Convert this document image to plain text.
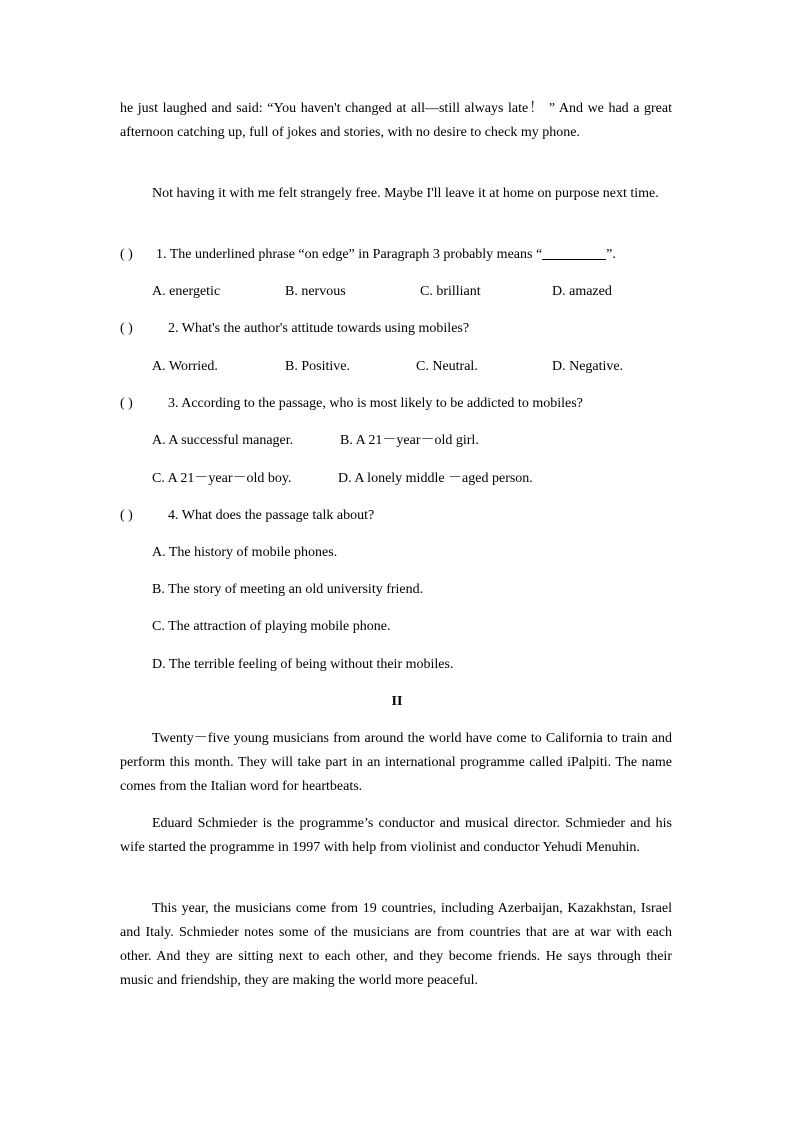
he just laughed and said: “You haven't changed at all—still always late！ ” And we had a great afternoon catching up, full of jokes and stories, with no desire to check my phone.

Not having it with me felt strangely free. Maybe I'll leave it at home on purpose next time.

( ) 1. The underlined phrase “on edge” in Paragraph 3 probably means “	”.
A. energetic	B. nervous	C. brilliant	D. amazed
( )	2. What's the author's attitude towards using mobiles?
A. Worried.	B. Positive.	C. Neutral.	D. Negative.
( )	3. According to the passage, who is most likely to be addicted to mobiles?
A. A successful manager.	B. A 21－year－old girl.
C. A 21－year－old boy.	D. A lonely middle －aged person.
( )	4. What does the passage talk about?
A. The history of mobile phones.
B. The story of meeting an old university friend.
C. The attraction of playing mobile phone.
D. The terrible feeling of being without their mobiles.
II

Twenty－five young musicians from around the world have come to California to train and perform this month. They will take part in an international programme called iPalpiti. The name comes from the Italian word for heartbeats.

Eduard Schmieder is the programme’s conductor and musical director. Schmieder and his wife started the programme in 1997 with help from violinist and conductor Yehudi Menuhin.

This year, the musicians come from 19 countries, including Azerbaijan, Kazakhstan, Israel and Italy. Schmieder notes some of the musicians are from countries that are at war with each other. And they are sitting next to each other, and they become friends. He says through their music and friendship, they are making the world more peaceful.
